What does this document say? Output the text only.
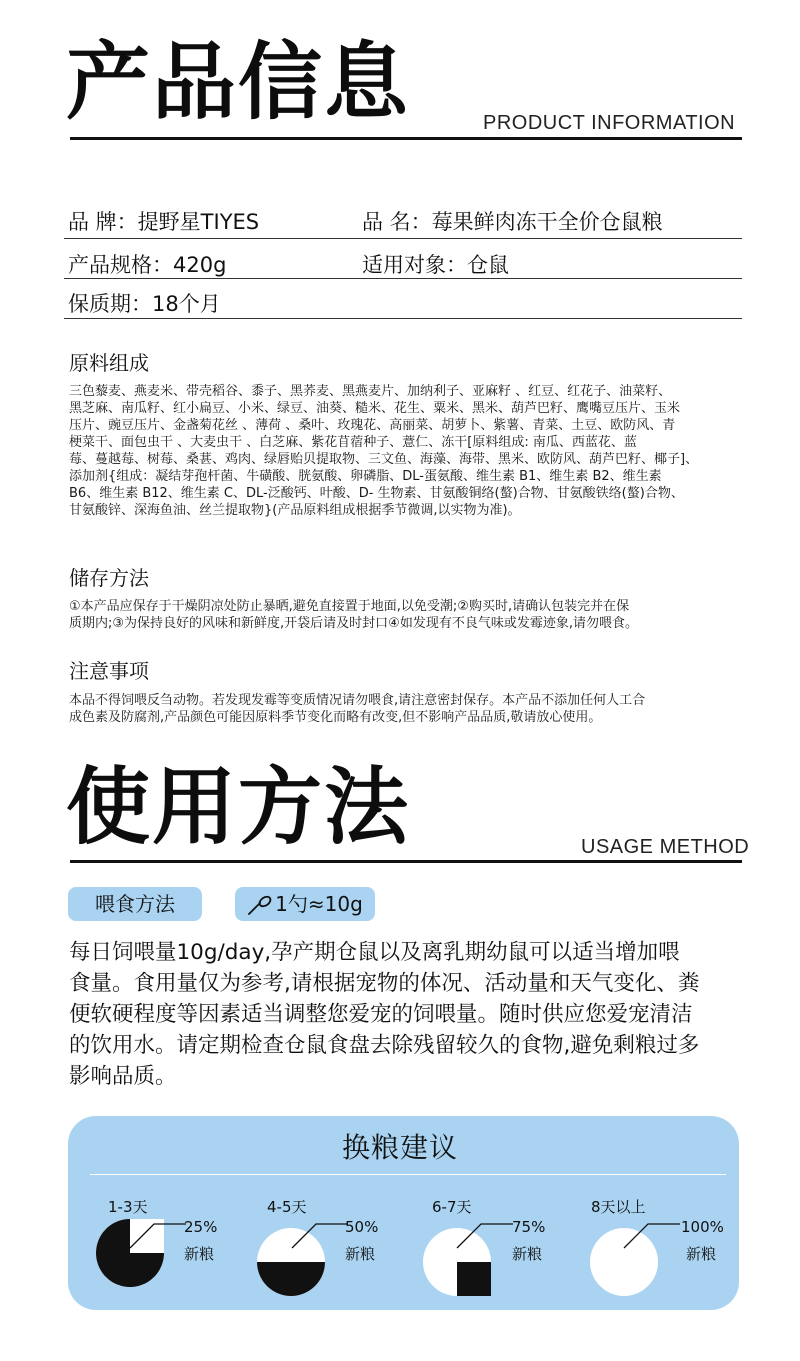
产品信息	PRODUCT INFORMATION
品 牌：提野星TIYES	品 名：莓果鲜肉冻干全价仓鼠粮
产品规格：420g	适用对象：仓鼠
保质期：18个月
原料组成
三色藜麦、燕麦米、带壳稻谷、黍子、黑荞麦、黑燕麦片、加纳利子、亚麻籽 、红豆、红花子、油菜籽、
黑芝麻、南瓜籽、红小扁豆、小米、绿豆、油葵、糙米、花生、粟米、黑米、葫芦巴籽、鹰嘴豆压片、玉米
压片、豌豆压片、金盏菊花丝 、薄荷 、桑叶、玫瑰花、高丽菜、胡萝卜、紫薯、青菜、土豆、欧防风、青
梗菜干、面包虫干 、大麦虫干 、白芝麻、紫花苜蓿种子、薏仁、冻干[原料组成: 南瓜、西蓝花、蓝
莓、蔓越莓、树莓、桑葚、鸡肉、绿唇贻贝提取物、三文鱼、海藻、海带、黑米、欧防风、葫芦巴籽、椰子]、
添加剂{组成：凝结芽孢杆菌、牛磺酸、胱氨酸、卵磷脂、DL-蛋氨酸、维生素 B1、维生素 B2、维生素
B6、维生素 B12、维生素 C、DL-泛酸钙、叶酸、D- 生物素、甘氨酸铜络(螯)合物、甘氨酸铁络(螯)合物、
甘氨酸锌、深海鱼油、丝兰提取物}(产品原料组成根据季节微调,以实物为准)。
储存方法
①本产品应保存于干燥阴凉处防止暴晒,避免直接置于地面,以免受潮;②购买时,请确认包装完并在保
质期内;③为保持良好的风味和新鲜度,开袋后请及时封口④如发现有不良气味或发霉迹象,请勿喂食。
注意事项
本品不得饲喂反刍动物。若发现发霉等变质情况请勿喂食,请注意密封保存。本产品不添加任何人工合
成色素及防腐剂,产品颜色可能因原料季节变化而略有改变,但不影响产品品质,敬请放心使用。
使用方法	USAGE METHOD
喂食方法	1勺≈10g
每日饲喂量10g/day,孕产期仓鼠以及离乳期幼鼠可以适当增加喂
食量。食用量仅为参考,请根据宠物的体况、活动量和天气变化、粪
便软硬程度等因素适当调整您爱宠的饲喂量。随时供应您爱宠清洁
的饮用水。请定期检查仓鼠食盘去除残留较久的食物,避免剩粮过多
影响品质。
换粮建议
1-3天
25%
新粮
4-5天
50%
新粮
6-7天
75%
新粮
8天以上
100%
新粮
